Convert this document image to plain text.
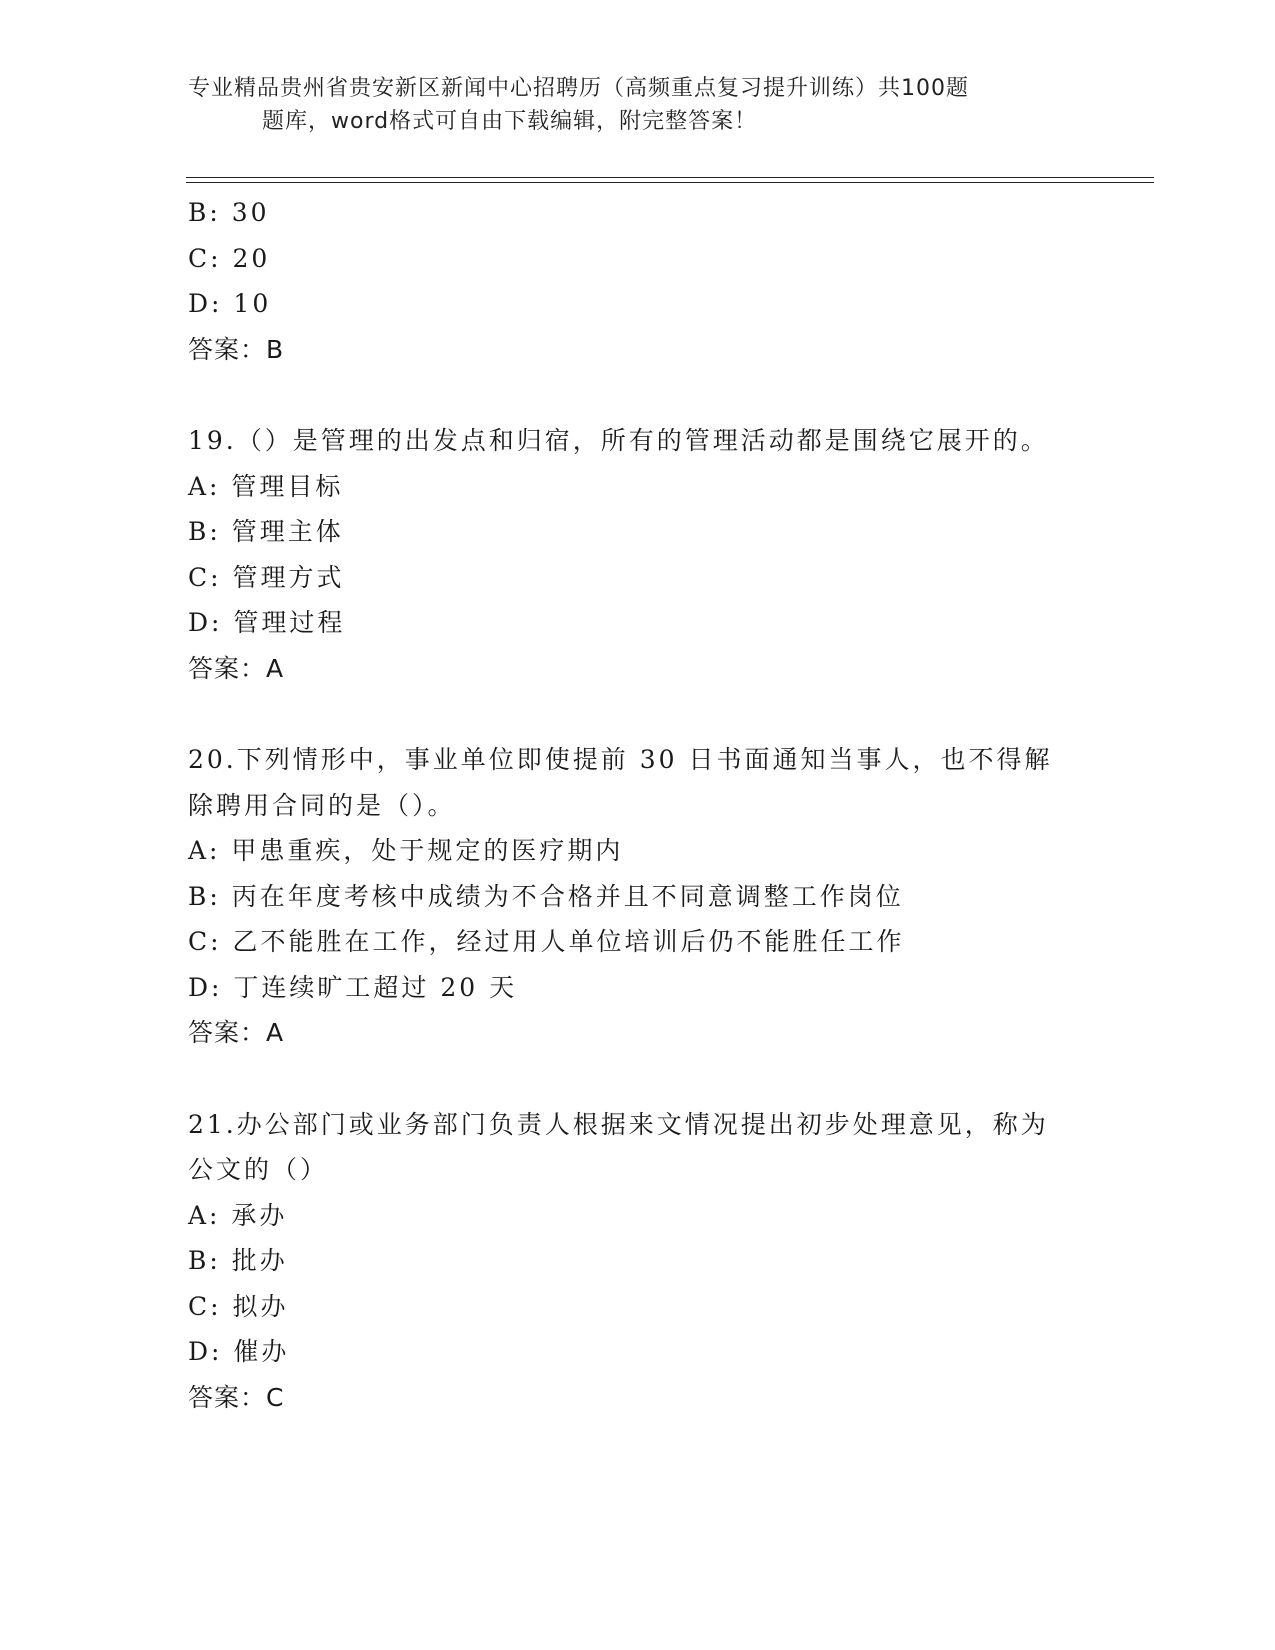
专业精品贵州省贵安新区新闻中心招聘历（高频重点复习提升训练）共100题
题库，word格式可自由下载编辑，附完整答案！
B: 30
C: 20
D: 10
答案：B
19.（）是管理的出发点和归宿，所有的管理活动都是围绕它展开的。
A: 管理目标
B: 管理主体
C: 管理方式
D: 管理过程
答案：A
20.下列情形中，事业单位即使提前 30 日书面通知当事人，也不得解
除聘用合同的是（）。
A: 甲患重疾，处于规定的医疗期内
B: 丙在年度考核中成绩为不合格并且不同意调整工作岗位
C: 乙不能胜在工作，经过用人单位培训后仍不能胜任工作
D: 丁连续旷工超过 20 天
答案：A
21.办公部门或业务部门负责人根据来文情况提出初步处理意见，称为
公文的（）
A: 承办
B: 批办
C: 拟办
D: 催办
答案：C
